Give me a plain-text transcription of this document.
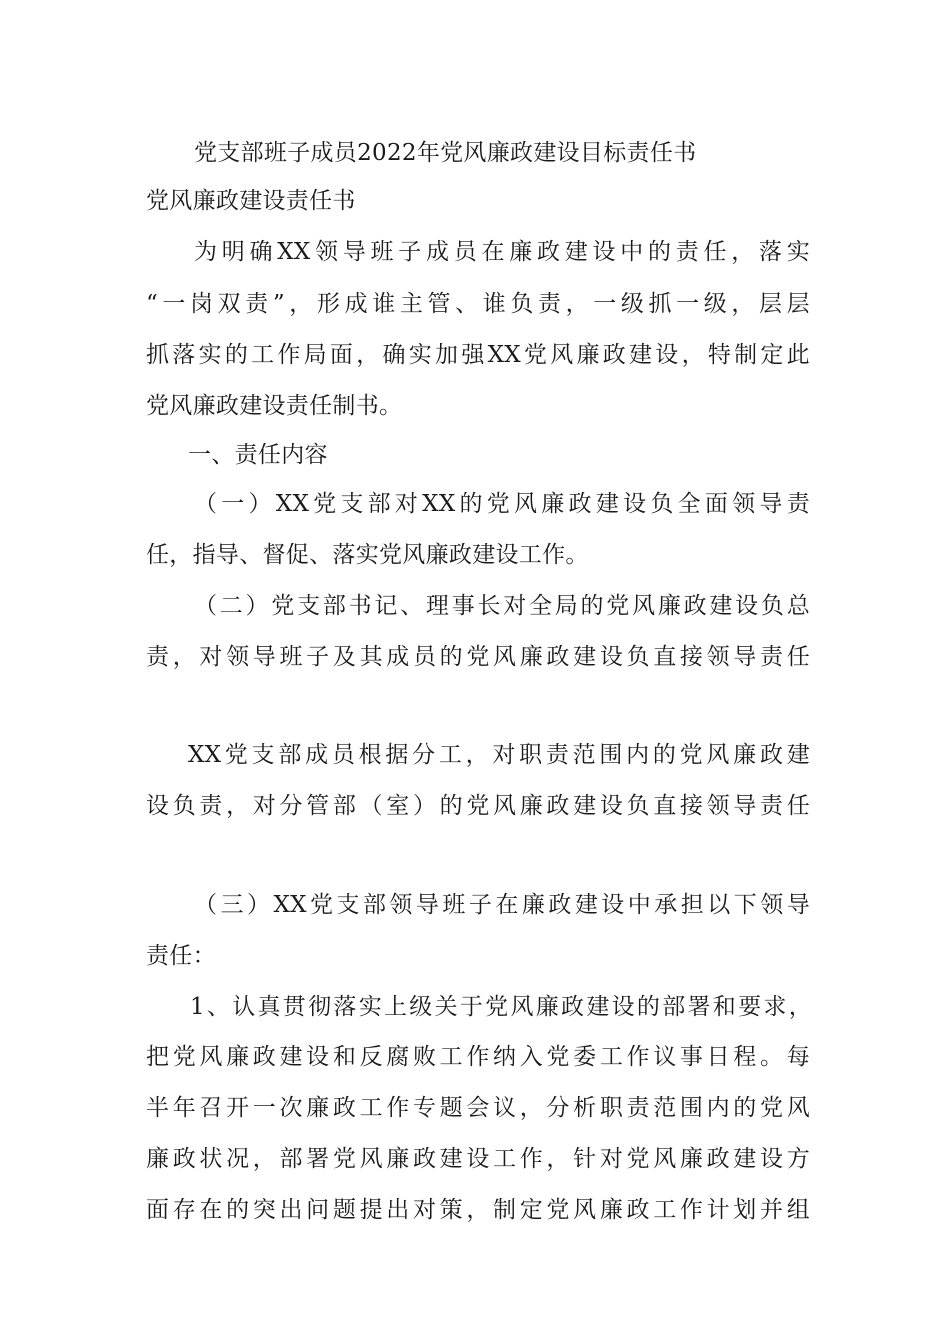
党支部班子成员2022年党风廉政建设目标责任书
党风廉政建设责任书
为明确XX领导班子成员在廉政建设中的责任，落实
“一岗双责”，形成谁主管、谁负责，一级抓一级，层层
抓落实的工作局面，确实加强XX党风廉政建设，特制定此
党风廉政建设责任制书。
一、责任内容
（一）XX党支部对XX的党风廉政建设负全面领导责
任，指导、督促、落实党风廉政建设工作。
（二）党支部书记、理事长对全局的党风廉政建设负总
责，对领导班子及其成员的党风廉政建设负直接领导责任
XX党支部成员根据分工，对职责范围内的党风廉政建
设负责，对分管部（室）的党风廉政建设负直接领导责任
（三）XX党支部领导班子在廉政建设中承担以下领导
责任：
1、认真贯彻落实上级关于党风廉政建设的部署和要求，
把党风廉政建设和反腐败工作纳入党委工作议事日程。每
半年召开一次廉政工作专题会议，分析职责范围内的党风
廉政状况，部署党风廉政建设工作，针对党风廉政建设方
面存在的突出问题提出对策，制定党风廉政工作计划并组
